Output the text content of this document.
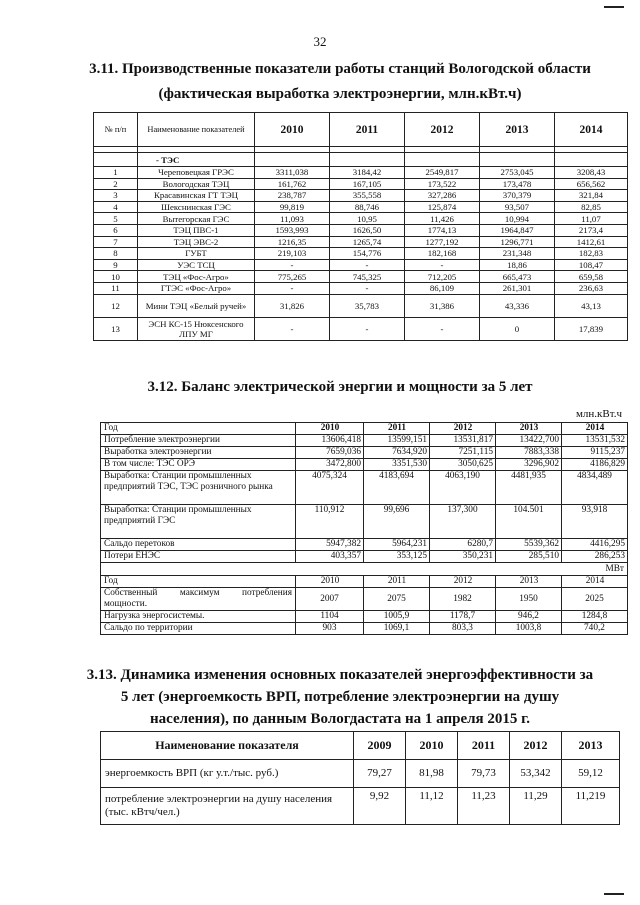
32

3.11. Производственные показатели работы станций Вологодской области

(фактическая выработка электроэнергии, млн.кВт.ч)

№ п/п	Наименование показателей	2010	2011	2012	2013	2014

	- ТЭС					
1	Череповецкая ГРЭС	3311,038	3184,42	2549,817	2753,045	3208,43
2	Вологодская ТЭЦ	161,762	167,105	173,522	173,478	656,562
3	Красавинская ГТ ТЭЦ	238,787	355,558	327,286	370,379	321,84
4	Шекснинская ГЭС	99,819	88,746	125,874	93,507	82,85
5	Вытегорская ГЭС	11,093	10,95	11,426	10,994	11,07
6	ТЭЦ ПВС-1	1593,993	1626,50	1774,13	1964,847	2173,4
7	ТЭЦ ЭВС-2	1216,35	1265,74	1277,192	1296,771	1412,61
8	ГУБТ	219,103	154,776	182,168	231,348	182,83
9	УЭС ТСЦ	-	-	-	18,86	108,47
10	ТЭЦ «Фос-Агро»	775,265	745,325	712,205	665,473	659,58
11	ГТЭС «Фос-Агро»	-	-	86,109	261,301	236,63
12	Мини ТЭЦ «Белый ручей»	31,826	35,783	31,386	43,336	43,13
13	ЭСН КС-15 Нюксенского ЛПУ МГ	-	-	-	0	17,839

3.12. Баланс электрической энергии и мощности за 5 лет

млн.кВт.ч
Год	2010	2011	2012	2013	2014
Потребление электроэнергии	13606,418	13599,151	13531,817	13422,700	13531,532
Выработка электроэнергии	7659,036	7634,920	7251,115	7883,338	9115,237
В том числе: ТЭС ОРЭ	3472,800	3351,530	3050,625	3296,902	4186,829
Выработка: Станции промышленных предприятий ТЭС, ТЭС розничного рынка	4075,324	4183,694	4063,190	4481,935	4834,489
Выработка: Станции промышленных предприятий ГЭС	110,912	99,696	137,300	104.501	93,918
Сальдо перетоков	5947,382	5964,231	6280,7	5539,362	4416,295
Потери ЕНЭС	403,357	353,125	350,231	285,510	286,253
МВт					
Год	2010	2011	2012	2013	2014
Собственный максимум потребления мощности.	2007	2075	1982	1950	2025
Нагрузка энергосистемы.	1104	1005,9	1178,7	946,2	1284,8
Сальдо по территории	903	1069,1	803,3	1003,8	740,2

3.13. Динамика изменения основных показателей энергоэффективности за

5 лет (энергоемкость ВРП, потребление электроэнергии на душу

населения), по данным Вологдастата на 1 апреля 2015 г.

Наименование показателя	2009	2010	2011	2012	2013
энергоемкость ВРП (кг у.т./тыс. руб.)	79,27	81,98	79,73	53,342	59,12
потребление электроэнергии на душу населения (тыс. кВтч/чел.)	9,92	11,12	11,23	11,29	11,219
